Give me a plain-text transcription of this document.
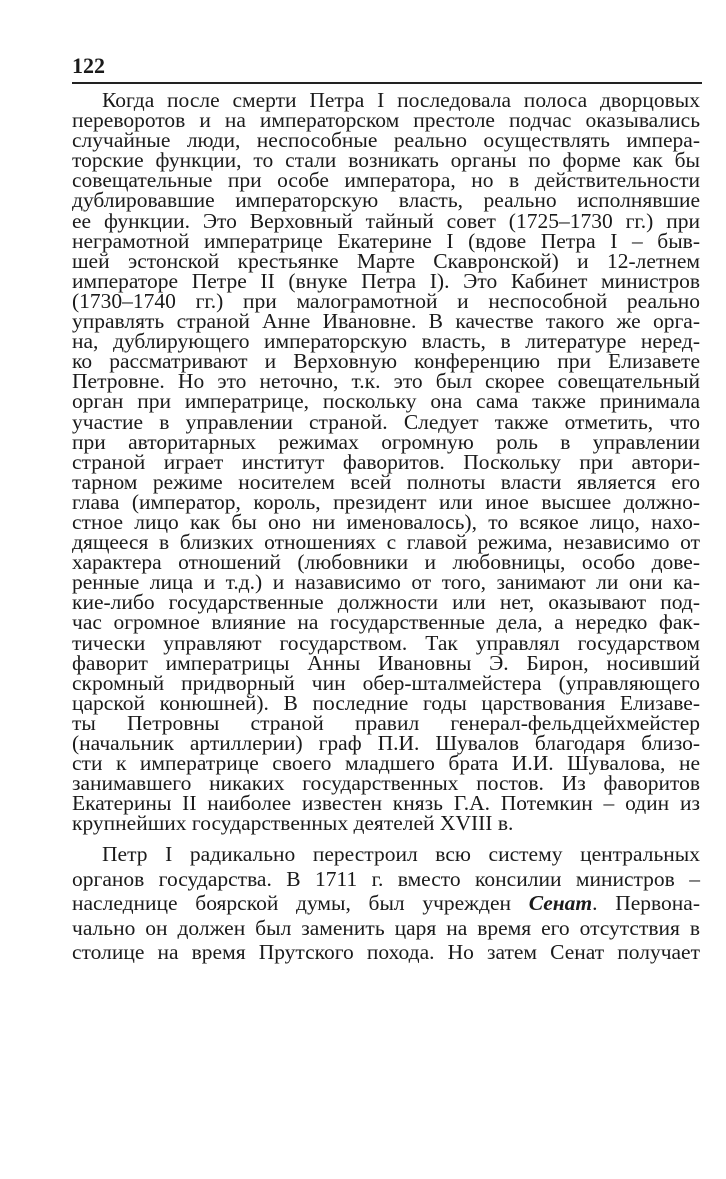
122
Когда после смерти Петра I последовала полоса дворцовых
переворотов и на императорском престоле подчас оказывались
случайные люди, неспособные реально осуществлять импера-
торские функции, то стали возникать органы по форме как бы
совещательные при особе императора, но в действительности
дублировавшие императорскую власть, реально исполнявшие
ее функции. Это Верховный тайный совет (1725–1730 гг.) при
неграмотной императрице Екатерине I (вдове Петра I – быв-
шей эстонской крестьянке Марте Скавронской) и 12-летнем
императоре Петре II (внуке Петра I). Это Кабинет министров
(1730–1740 гг.) при малограмотной и неспособной реально
управлять страной Анне Ивановне. В качестве такого же орга-
на, дублирующего императорскую власть, в литературе неред-
ко рассматривают и Верховную конференцию при Елизавете
Петровне. Но это неточно, т.к. это был скорее совещательный
орган при императрице, поскольку она сама также принимала
участие в управлении страной. Следует также отметить, что
при авторитарных режимах огромную роль в управлении
страной играет институт фаворитов. Поскольку при автори-
тарном режиме носителем всей полноты власти является его
глава (император, король, президент или иное высшее должно-
стное лицо как бы оно ни именовалось), то всякое лицо, нахо-
дящееся в близких отношениях с главой режима, независимо от
характера отношений (любовники и любовницы, особо дове-
ренные лица и т.д.) и назависимо от того, занимают ли они ка-
кие-либо государственные должности или нет, оказывают под-
час огромное влияние на государственные дела, а нередко фак-
тически управляют государством. Так управлял государством
фаворит императрицы Анны Ивановны Э. Бирон, носивший
скромный придворный чин обер-шталмейстера (управляющего
царской конюшней). В последние годы царствования Елизаве-
ты Петровны страной правил генерал-фельдцейхмейстер
(начальник артиллерии) граф П.И. Шувалов благодаря близо-
сти к императрице своего младшего брата И.И. Шувалова, не
занимавшего никаких государственных постов. Из фаворитов
Екатерины II наиболее известен князь Г.А. Потемкин – один из
крупнейших государственных деятелей XVIII в.
Петр I радикально перестроил всю систему центральных
органов государства. В 1711 г. вместо консилии министров –
наследнице боярской думы, был учрежден Сенат. Первона-
чально он должен был заменить царя на время его отсутствия в
столице на время Прутского похода. Но затем Сенат получает
